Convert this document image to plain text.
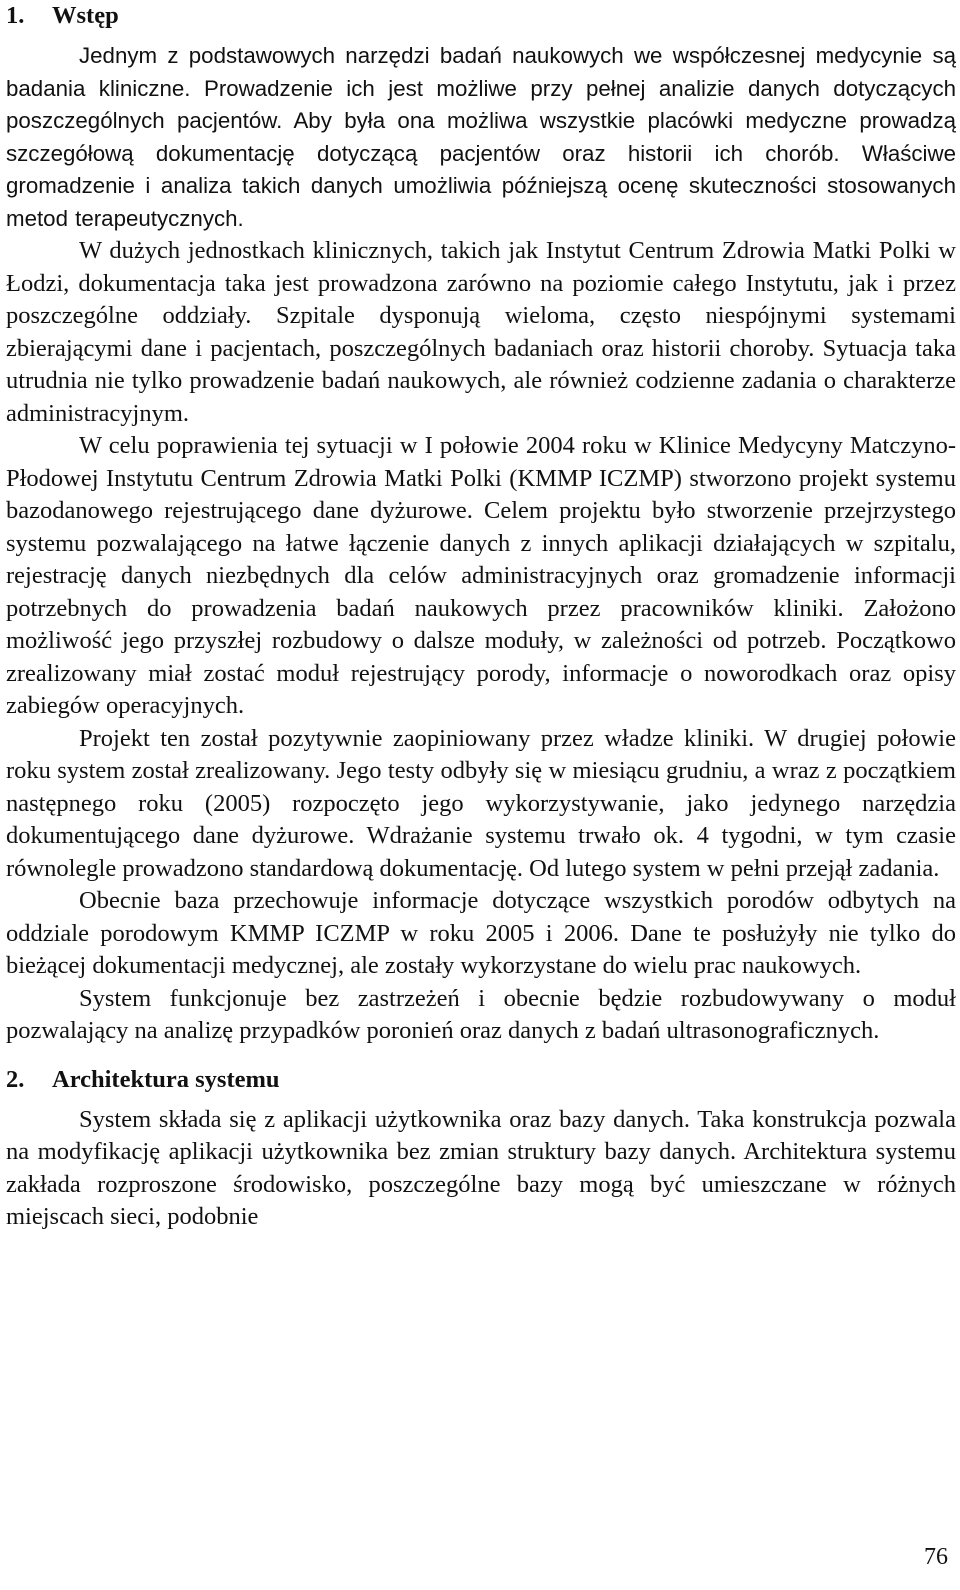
1. Wstęp

Jednym z podstawowych narzędzi badań naukowych we współczesnej medycynie są badania kliniczne. Prowadzenie ich jest możliwe przy pełnej analizie danych dotyczących poszczególnych pacjentów. Aby była ona możliwa wszystkie placówki medyczne prowadzą szczegółową dokumentację dotyczącą pacjentów oraz historii ich chorób. Właściwe gromadzenie i analiza takich danych umożliwia późniejszą ocenę skuteczności stosowanych metod terapeutycznych.

W dużych jednostkach klinicznych, takich jak Instytut Centrum Zdrowia Matki Polki w Łodzi, dokumentacja taka jest prowadzona zarówno na poziomie całego Instytutu, jak i przez poszczególne oddziały. Szpitale dysponują wieloma, często niespójnymi systemami zbierającymi dane i pacjentach, poszczególnych badaniach oraz historii choroby. Sytuacja taka utrudnia nie tylko prowadzenie badań naukowych, ale również codzienne zadania o charakterze administracyjnym.

W celu poprawienia tej sytuacji w I połowie 2004 roku w Klinice Medycyny Matczyno-Płodowej Instytutu Centrum Zdrowia Matki Polki (KMMP ICZMP) stworzono projekt systemu bazodanowego rejestrującego dane dyżurowe. Celem projektu było stworzenie przejrzystego systemu pozwalającego na łatwe łączenie danych z innych aplikacji działających w szpitalu, rejestrację danych niezbędnych dla celów administracyjnych oraz gromadzenie informacji potrzebnych do prowadzenia badań naukowych przez pracowników kliniki. Założono możliwość jego przyszłej rozbudowy o dalsze moduły, w zależności od potrzeb. Początkowo zrealizowany miał zostać moduł rejestrujący porody, informacje o noworodkach oraz opisy zabiegów operacyjnych.

Projekt ten został pozytywnie zaopiniowany przez władze kliniki. W drugiej połowie roku system został zrealizowany. Jego testy odbyły się w miesiącu grudniu, a wraz z początkiem następnego roku (2005) rozpoczęto jego wykorzystywanie, jako jedynego narzędzia dokumentującego dane dyżurowe. Wdrażanie systemu trwało ok. 4 tygodni, w tym czasie równolegle prowadzono standardową dokumentację. Od lutego system w pełni przejął zadania.

Obecnie baza przechowuje informacje dotyczące wszystkich porodów odbytych na oddziale porodowym KMMP ICZMP w roku 2005 i 2006. Dane te posłużyły nie tylko do bieżącej dokumentacji medycznej, ale zostały wykorzystane do wielu prac naukowych.

System funkcjonuje bez zastrzeżeń i obecnie będzie rozbudowywany o moduł pozwalający na analizę przypadków poronień oraz danych z badań ultrasonograficznych.

2. Architektura systemu

System składa się z aplikacji użytkownika oraz bazy danych. Taka konstrukcja pozwala na modyfikację aplikacji użytkownika bez zmian struktury bazy danych. Architektura systemu zakłada rozproszone środowisko, poszczególne bazy mogą być umieszczane w różnych miejscach sieci, podobnie

76
